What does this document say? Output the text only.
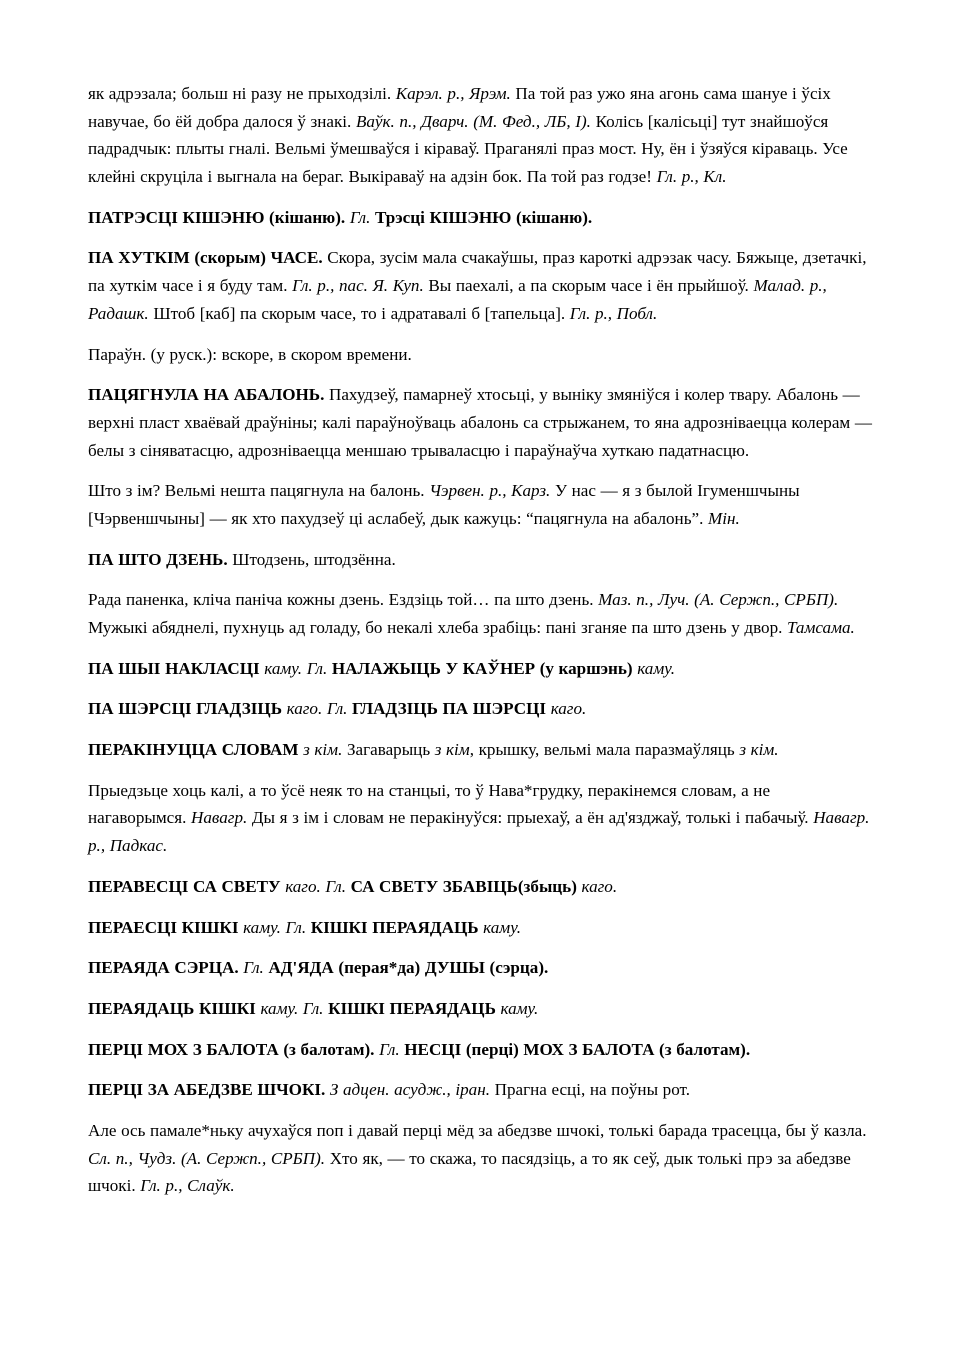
як адрэзала; больш ні разу не прыходзілі. Карэл. р., Ярэм. Па той раз ужо яна агонь сама шануе і ўсіх навучае, бо ёй добра далося ў знакі. Ваўк. п., Дварч. (М. Фед., ЛБ, I). Колісь [калісьці] тут знайшоўся падрадчык: плыты гналі. Вельмі ўмешваўся і кіраваў. Праганялі праз мост. Ну, ён і ўзяўся кіраваць. Усе клейні скруціла і выгнала на бераг. Выкіраваў на адзін бок. Па той раз годзе! Гл. р., Кл.

ПАТРЭСЦІ КІШЭНЮ (кішаню). Гл. Трэсці КІШЭНЮ (кішаню).

ПА ХУТКІМ (скорым) ЧАСЕ. Скора, зусім мала счакаўшы, праз кароткі адрэзак часу. Бяжыце, дзетачкі, па хуткім часе і я буду там. Гл. р., пас. Я. Куп. Вы паехалі, а па скорым часе і ён прыйшоў. Малад. р., Радашк. Штоб [каб] па скорым часе, то і адратавалі б [тапельца]. Гл. р., Побл.

Параўн. (у руск.): вскоре, в скором времени.

ПАЦЯГНУЛА НА АБАЛОНЬ. Пахудзеў, памарнеў хтосьці, у выніку змяніўся і колер твару. Абалонь — верхні пласт хваёвай драўніны; калі параўноўваць абалонь са стрыжанем, то яна адрозніваецца колерам — белы з сіняватасцю, адрозніваецца меншаю трываласцю і параўнаўча хуткаю падатнасцю.

Што з ім? Вельмі нешта пацягнула на балонь. Чэрвен. р., Карз. У нас — я з былой Ігуменшчыны [Чэрвеншчыны] — як хто пахудзеў ці аслабеў, дык кажуць: “пацягнула на абалонь”. Мін.

ПА ШТО ДЗЕНЬ. Штодзень, штодзённа.

Рада паненка, кліча паніча кожны дзень. Ездзіць той… па што дзень. Маз. п., Луч. (А. Сержп., СРБП). Мужыкі абяднелі, пухнуць ад голаду, бо некалі хлеба зрабіць: пані зганяе па што дзень у двор. Тамсама.

ПА ШЫІ НАКЛАСЦІ каму. Гл. НАЛАЖЫЦЬ У КАЎНЕР (у каршэнь) каму.

ПА ШЭРСЦІ ГЛАДЗІЦЬ каго. Гл. ГЛАДЗІЦЬ ПА ШЭРСЦІ каго.

ПЕРАКІНУЦЦА СЛОВАМ з кім. Загаварыць з кім, крышку, вельмі мала паразмаўляць з кім.

Прыедзьце хоць калі, а то ўсё неяк то на станцыі, то ў Нава*грудку, перакінемся словам, а не нагаворымся. Навагр. Ды я з ім і словам не перакінуўся: прыехаў, а ён ад'язджаў, толькі і пабачыў. Навагр. р., Падкас.

ПЕРАВЕСЦІ СА СВЕТУ каго. Гл. СА СВЕТУ ЗБАВІЦЬ(збыць) каго.

ПЕРАЕСЦІ КІШКІ каму. Гл. КІШКІ ПЕРАЯДАЦЬ каму.

ПЕРАЯДА СЭРЦА. Гл. АД'ЯДА (перая*да) ДУШЫ (сэрца).

ПЕРАЯДАЦЬ КІШКІ каму. Гл. КІШКІ ПЕРАЯДАЦЬ каму.

ПЕРЦІ МОХ З БАЛОТА (з балотам). Гл. НЕСЦІ (перці) МОХ З БАЛОТА (з балотам).

ПЕРЦІ ЗА АБЕДЗВЕ ШЧОКІ. З адцен. асудж., іран. Прагна есці, на поўны рот.

Але ось памале*ньку ачухаўся поп і давай перці мёд за абедзве шчокі, толькі барада трасецца, бы ў казла. Сл. п., Чудз. (А. Сержп., СРБП). Хто як, — то скажа, то пасядзіць, а то як сеў, дык толькі прэ за абедзве шчокі. Гл. р., Слаўк.
